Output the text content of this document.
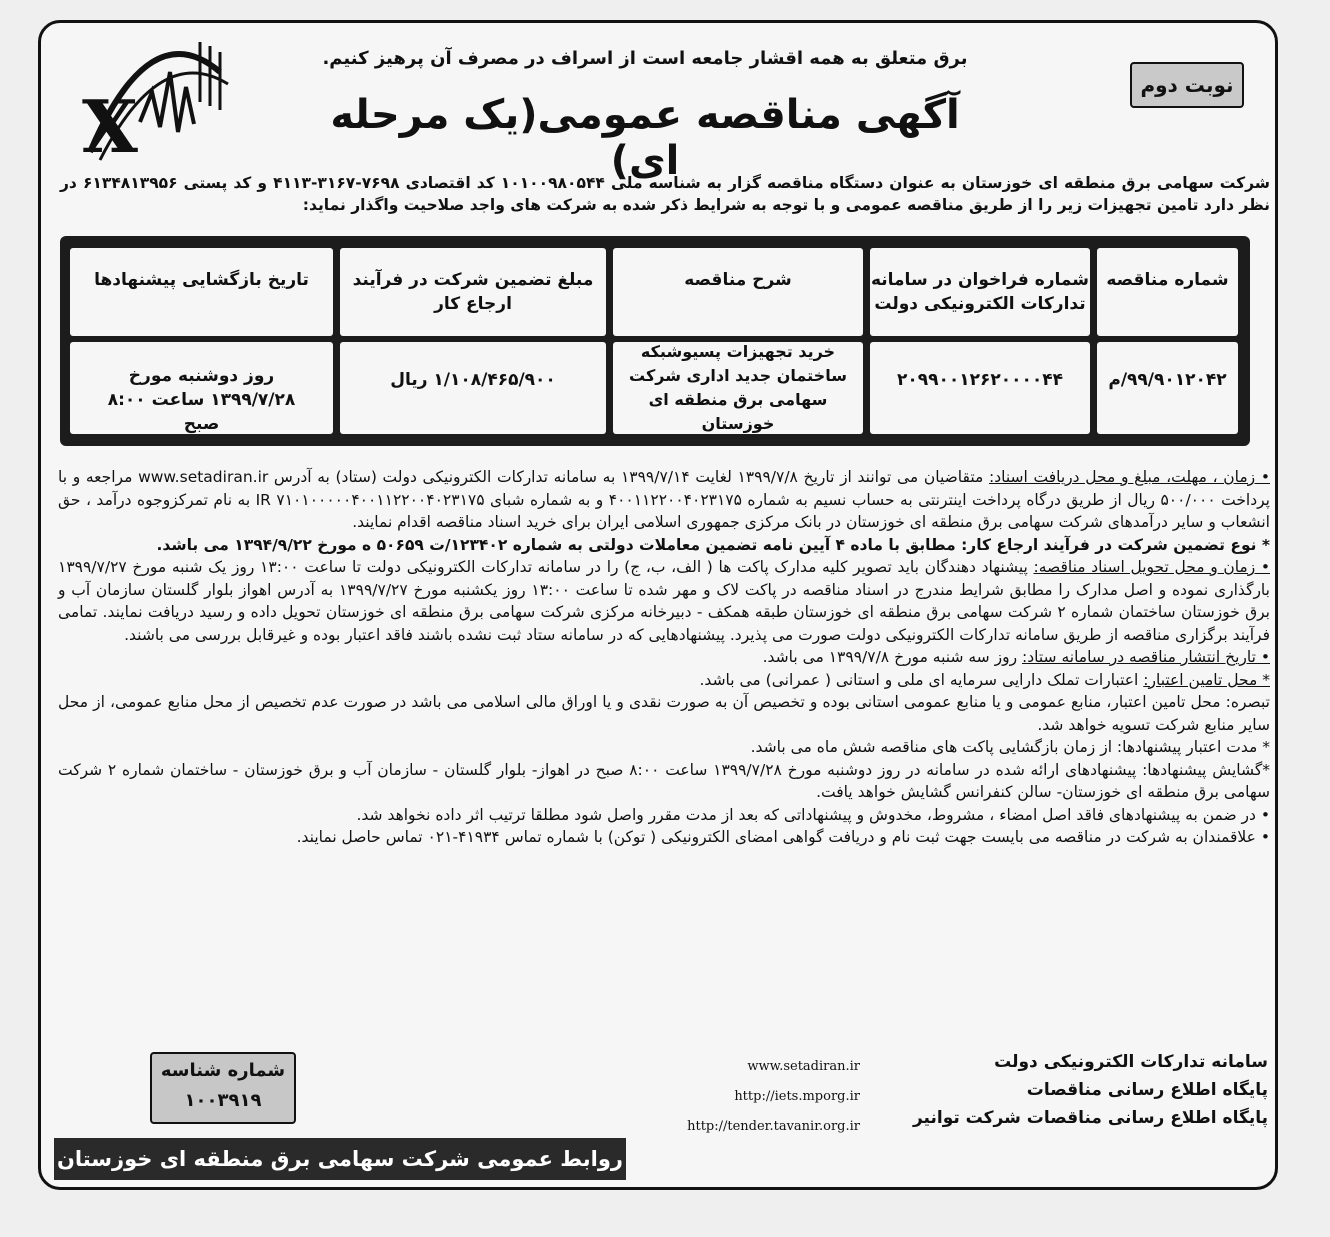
X
برق متعلق به همه اقشار جامعه است از اسراف در مصرف آن پرهیز کنیم.
نوبت دوم
آگهی مناقصه عمومی(یک مرحله ای)
شرکت سهامی برق منطقه ای خوزستان به عنوان دستگاه مناقصه گزار به شناسه ملی ۱۰۱۰۰۹۸۰۵۴۴ کد اقتصادی ۷۶۹۸-۳۱۶۷-۴۱۱۳ و کد پستی ۶۱۳۴۸۱۳۹۵۶ در نظر دارد تامین تجهیزات زیر را از طریق مناقصه عمومی و با توجه به شرایط ذکر شده به شرکت های واجد صلاحیت واگذار نماید:
شماره مناقصه
شماره فراخوان در سامانه تدارکات الکترونیکی دولت
شرح مناقصه
مبلغ تضمین شرکت در فرآیند ارجاع کار
تاریخ بازگشایی پیشنهادها
۹۹/۹۰۱۲۰۴۲/م
۲۰۹۹۰۰۱۲۶۲۰۰۰۰۴۴
خرید تجهیزات پسیوشبکه ساختمان جدید اداری شرکت سهامی برق منطقه ای خوزستان
۱/۱۰۸/۴۶۵/۹۰۰ ریال
روز دوشنبه مورخ ۱۳۹۹/۷/۲۸ ساعت ۸:۰۰ صبح

• زمان ، مهلت، مبلغ و محل دریافت اسناد: متقاضیان می توانند از تاریخ ۱۳۹۹/۷/۸ لغایت ۱۳۹۹/۷/۱۴ به سامانه تدارکات الکترونیکی دولت (ستاد) به آدرس www.setadiran.ir مراجعه و با پرداخت ۵۰۰/۰۰۰ ریال از طریق درگاه پرداخت اینترنتی به حساب نسیم به شماره ۴۰۰۱۱۲۲۰۰۴۰۲۳۱۷۵ و به شماره شبای IR ۷۱۰۱۰۰۰۰۰۴۰۰۱۱۲۲۰۰۴۰۲۳۱۷۵ به نام تمرکزوجوه درآمد ، حق انشعاب و سایر درآمدهای شرکت سهامی برق منطقه ای خوزستان در بانک مرکزی جمهوری اسلامی ایران برای خرید اسناد مناقصه اقدام نمایند.

* نوع تضمین شرکت در فرآیند ارجاع کار: مطابق با ماده ۴ آیین نامه تضمین معاملات دولتی به شماره ۱۲۳۴۰۲/ت ۵۰۶۵۹ ه مورخ ۱۳۹۴/۹/۲۲ می باشد.

• زمان و محل تحویل اسناد مناقصه: پیشنهاد دهندگان باید تصویر کلیه مدارک پاکت ها ( الف، ب، ج) را در سامانه تدارکات الکترونیکی دولت تا ساعت ۱۳:۰۰ روز یک شنبه مورخ ۱۳۹۹/۷/۲۷ بارگذاری نموده و اصل مدارک را مطابق شرایط مندرج در اسناد مناقصه در پاکت لاک و مهر شده تا ساعت ۱۳:۰۰ روز یکشنبه مورخ ۱۳۹۹/۷/۲۷ به آدرس اهواز بلوار گلستان سازمان آب و برق خوزستان ساختمان شماره ۲ شرکت سهامی برق منطقه ای خوزستان طبقه همکف - دبیرخانه مرکزی شرکت سهامی برق منطقه ای خوزستان تحویل داده و رسید دریافت نمایند. تمامی فرآیند برگزاری مناقصه از طریق سامانه تدارکات الکترونیکی دولت صورت می پذیرد. پیشنهادهایی که در سامانه ستاد ثبت نشده باشند فاقد اعتبار بوده و غیرقابل بررسی می باشند.

• تاریخ انتشار مناقصه در سامانه ستاد: روز سه شنبه مورخ ۱۳۹۹/۷/۸ می باشد.

* محل تامین اعتبار: اعتبارات تملک دارایی سرمایه ای ملی و استانی ( عمرانی) می باشد.

تبصره: محل تامین اعتبار، منابع عمومی و یا منابع عمومی استانی بوده و تخصیص آن به صورت نقدی و یا اوراق مالی اسلامی می باشد در صورت عدم تخصیص از محل منابع عمومی، از محل سایر منابع شرکت تسویه خواهد شد.

* مدت اعتبار پیشنهادها: از زمان بازگشایی پاکت های مناقصه شش ماه می باشد.

*گشایش پیشنهادها: پیشنهادهای ارائه شده در سامانه در روز دوشنبه مورخ ۱۳۹۹/۷/۲۸ ساعت ۸:۰۰ صبح در اهواز- بلوار گلستان - سازمان آب و برق خوزستان - ساختمان شماره ۲ شرکت سهامی برق منطقه ای خوزستان- سالن کنفرانس گشایش خواهد یافت.

• در ضمن به پیشنهادهای فاقد اصل امضاء ، مشروط، مخدوش و پیشنهاداتی که بعد از مدت مقرر واصل شود مطلقا ترتیب اثر داده نخواهد شد.

• علاقمندان به شرکت در مناقصه می بایست جهت ثبت نام و دریافت گواهی امضای الکترونیکی ( توکن) با شماره تماس ۴۱۹۳۴-۰۲۱ تماس حاصل نمایند.

سامانه تدارکات الکترونیکی دولت
پایگاه اطلاع رسانی مناقصات
پایگاه اطلاع رسانی مناقصات شرکت توانیر
www.setadiran.ir
http://iets.mporg.ir
http://tender.tavanir.org.ir
شماره شناسه
۱۰۰۳۹۱۹
روابط عمومی شرکت سهامی برق منطقه ای خوزستان
